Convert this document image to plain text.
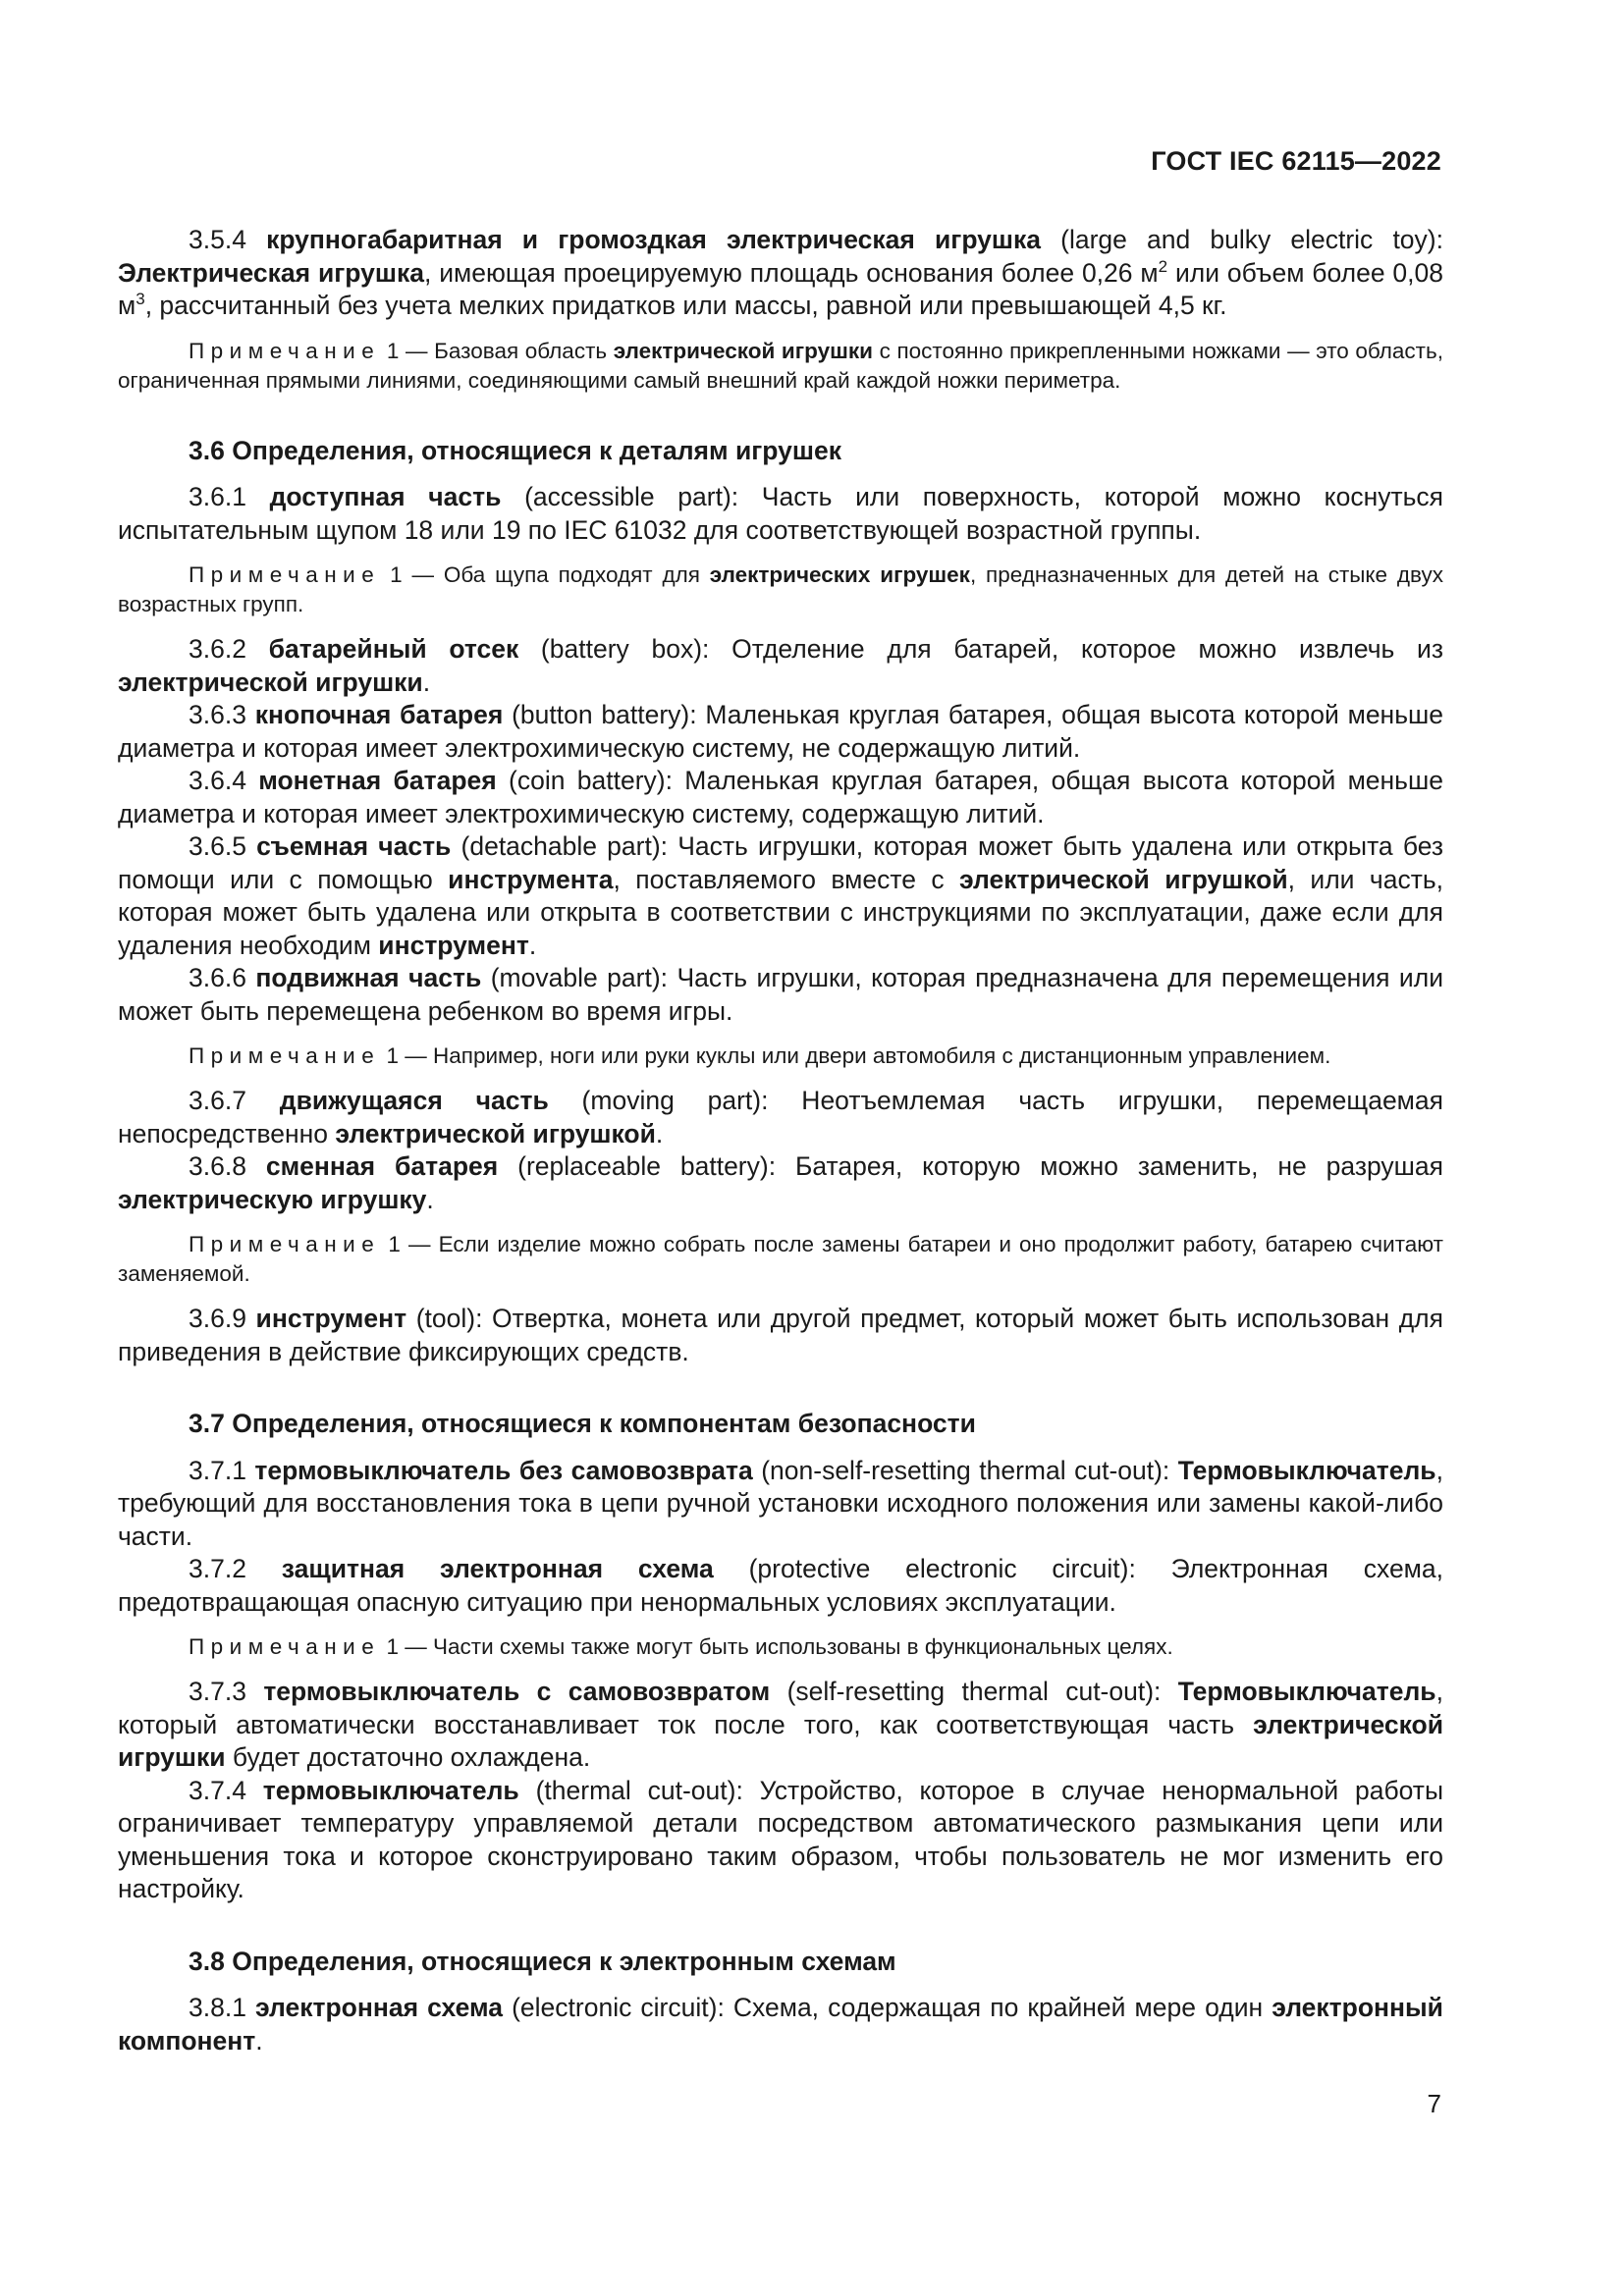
ГОСТ IEC 62115—2022

3.5.4 крупногабаритная и громоздкая электрическая игрушка (large and bulky electric toy): Электрическая игрушка, имеющая проецируемую площадь основания более 0,26 $м^2$ или объем более 0,08 $м^3$, рассчитанный без учета мелких придатков или массы, равной или превышающей 4,5 кг.

Примечание 1 — Базовая область электрической игрушки с постоянно прикрепленными ножками — это область, ограниченная прямыми линиями, соединяющими самый внешний край каждой ножки периметра.

3.6 Определения, относящиеся к деталям игрушек

3.6.1 доступная часть (accessible part): Часть или поверхность, которой можно коснуться испытательным щупом 18 или 19 по IEC 61032 для соответствующей возрастной группы.

Примечание 1 — Оба щупа подходят для электрических игрушек, предназначенных для детей на стыке двух возрастных групп.

3.6.2 батарейный отсек (battery box): Отделение для батарей, которое можно извлечь из электрической игрушки.

3.6.3 кнопочная батарея (button battery): Маленькая круглая батарея, общая высота которой меньше диаметра и которая имеет электрохимическую систему, не содержащую литий.

3.6.4 монетная батарея (coin battery): Маленькая круглая батарея, общая высота которой меньше диаметра и которая имеет электрохимическую систему, содержащую литий.

3.6.5 съемная часть (detachable part): Часть игрушки, которая может быть удалена или открыта без помощи или с помощью инструмента, поставляемого вместе с электрической игрушкой, или часть, которая может быть удалена или открыта в соответствии с инструкциями по эксплуатации, даже если для удаления необходим инструмент.

3.6.6 подвижная часть (movable part): Часть игрушки, которая предназначена для перемещения или может быть перемещена ребенком во время игры.

Примечание 1 — Например, ноги или руки куклы или двери автомобиля с дистанционным управлением.

3.6.7 движущаяся часть (moving part): Неотъемлемая часть игрушки, перемещаемая непосредственно электрической игрушкой.

3.6.8 сменная батарея (replaceable battery): Батарея, которую можно заменить, не разрушая электрическую игрушку.

Примечание 1 — Если изделие можно собрать после замены батареи и оно продолжит работу, батарею считают заменяемой.

3.6.9 инструмент (tool): Отвертка, монета или другой предмет, который может быть использован для приведения в действие фиксирующих средств.

3.7 Определения, относящиеся к компонентам безопасности

3.7.1 термовыключатель без самовозврата (non-self-resetting thermal cut-out): Термовыключатель, требующий для восстановления тока в цепи ручной установки исходного положения или замены какой-либо части.

3.7.2 защитная электронная схема (protective electronic circuit): Электронная схема, предотвращающая опасную ситуацию при ненормальных условиях эксплуатации.

Примечание 1 — Части схемы также могут быть использованы в функциональных целях.

3.7.3 термовыключатель с самовозвратом (self-resetting thermal cut-out): Термовыключатель, который автоматически восстанавливает ток после того, как соответствующая часть электрической игрушки будет достаточно охлаждена.

3.7.4 термовыключатель (thermal cut-out): Устройство, которое в случае ненормальной работы ограничивает температуру управляемой детали посредством автоматического размыкания цепи или уменьшения тока и которое сконструировано таким образом, чтобы пользователь не мог изменить его настройку.

3.8 Определения, относящиеся к электронным схемам

3.8.1 электронная схема (electronic circuit): Схема, содержащая по крайней мере один электронный компонент.

7
